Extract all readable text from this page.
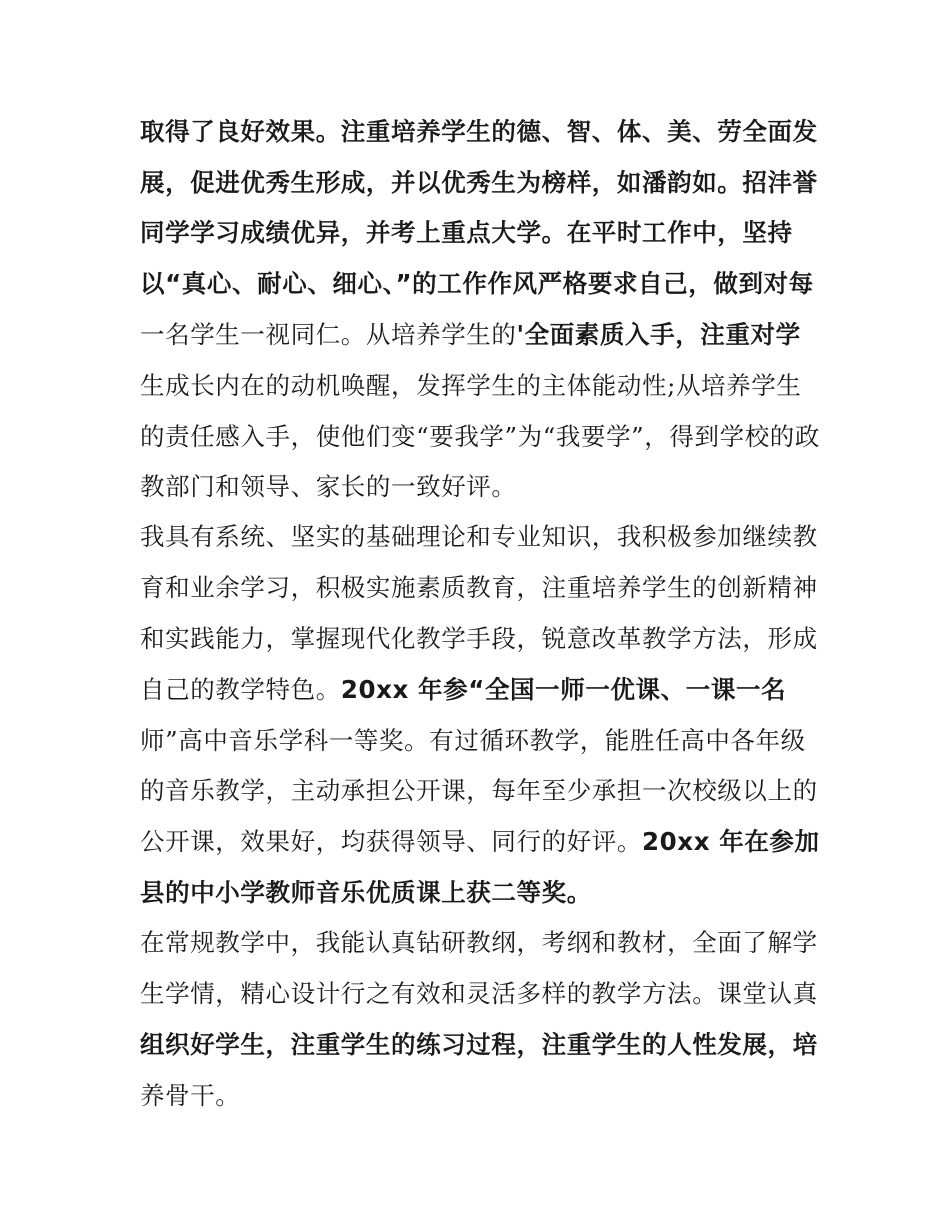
取得了良好效果。注重培养学生的德、智、体、美、劳全面发
展，促进优秀生形成，并以优秀生为榜样，如潘韵如。招沣誉
同学学习成绩优异，并考上重点大学。在平时工作中，坚持
以“真心、耐心、细心、”的工作作风严格要求自己，做到对每
一名学生一视同仁。从培养学生的'全面素质入手，注重对学
生成长内在的动机唤醒，发挥学生的主体能动性;从培养学生
的责任感入手，使他们变“要我学”为“我要学”，得到学校的政
教部门和领导、家长的一致好评。
我具有系统、坚实的基础理论和专业知识，我积极参加继续教
育和业余学习，积极实施素质教育，注重培养学生的创新精神
和实践能力，掌握现代化教学手段，锐意改革教学方法，形成
自己的教学特色。20xx 年参“全国一师一优课、一课一名
师”高中音乐学科一等奖。有过循环教学，能胜任高中各年级
的音乐教学，主动承担公开课，每年至少承担一次校级以上的
公开课，效果好，均获得领导、同行的好评。20xx 年在参加
县的中小学教师音乐优质课上获二等奖。
在常规教学中，我能认真钻研教纲，考纲和教材，全面了解学
生学情，精心设计行之有效和灵活多样的教学方法。课堂认真
组织好学生，注重学生的练习过程，注重学生的人性发展，培
养骨干。
